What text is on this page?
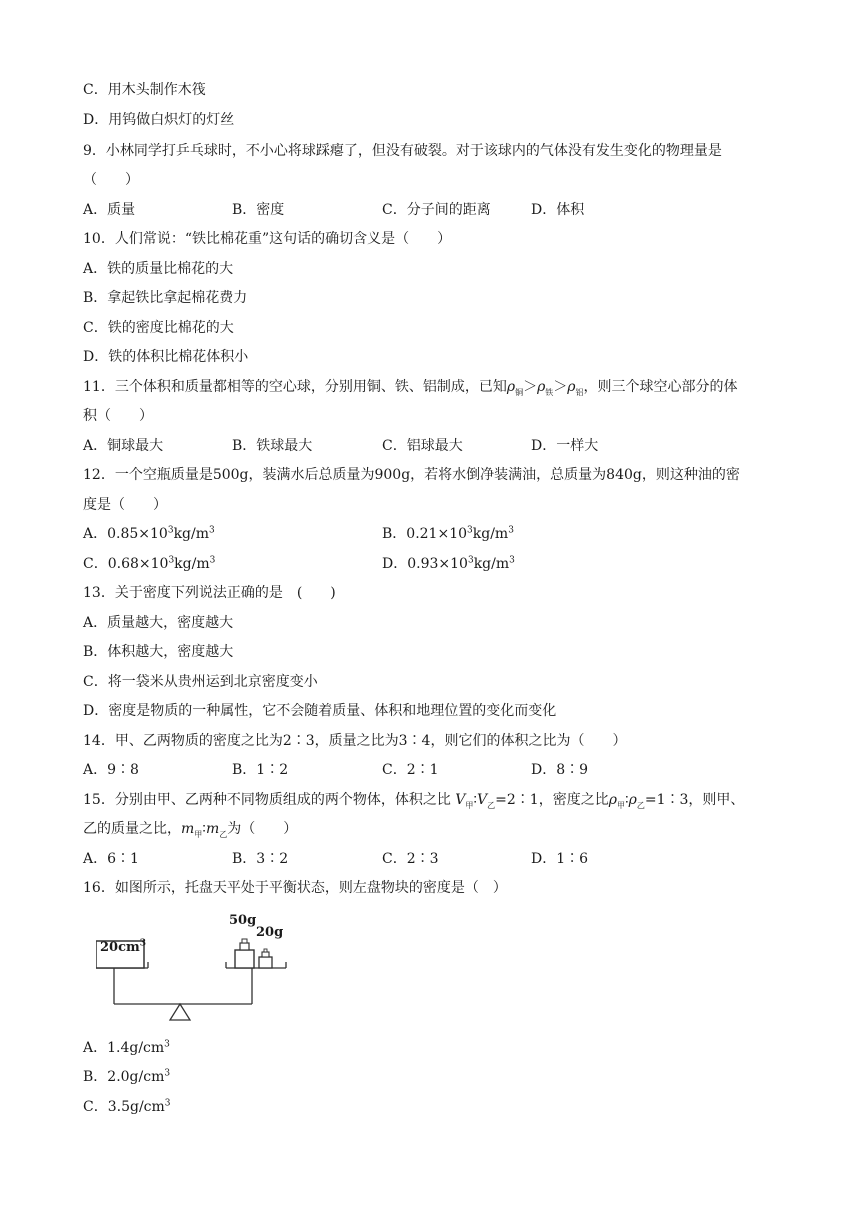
C．用木头制作木筏
D．用钨做白炽灯的灯丝
9．小林同学打乒乓球时，不小心将球踩瘪了，但没有破裂。对于该球内的气体没有发生变化的物理量是
（　　）
A．质量	B．密度	C．分子间的距离	D．体积
10．人们常说：“铁比棉花重”这句话的确切含义是（　　）
A．铁的质量比棉花的大
B．拿起铁比拿起棉花费力
C．铁的密度比棉花的大
D．铁的体积比棉花体积小
11．三个体积和质量都相等的空心球，分别用铜、铁、铝制成，已知$\rho_铜>\rho_铁>\rho_铝$，则三个球空心部分的体
积（　　）
A．铜球最大	B．铁球最大	C．铝球最大	D．一样大
12．一个空瓶质量是500g，装满水后总质量为900g，若将水倒净装满油，总质量为840g，则这种油的密
度是（　　）
A．$0.85\times 10^3kg/m^3$	B．$0.21\times 10^3kg/m^3$
C．$0.68\times 10^3kg/m^3$	D．$0.93\times 10^3kg/m^3$
13．关于密度下列说法正确的是　(　　)
A．质量越大，密度越大
B．体积越大，密度越大
C．将一袋米从贵州运到北京密度变小
D．密度是物质的一种属性，它不会随着质量、体积和地理位置的变化而变化
14．甲、乙两物质的密度之比为2∶3，质量之比为3∶4，则它们的体积之比为（　　）
A．9∶8	B．1∶2	C．2∶1	D．8∶9
15．分别由甲、乙两种不同物质组成的两个物体，体积之比 $V_甲∶V_乙=2∶1$，密度之比$\rho_甲∶\rho_乙=1∶3$，则甲、
乙的质量之比，$m_甲∶m_乙$为（　　）
A．6∶1	B．3∶2	C．2∶3	D．1∶6
16．如图所示，托盘天平处于平衡状态，则左盘物块的密度是（　）
$20cm^3$
50g
20g
A．$1.4g/cm^3$
B．$2.0g/cm^3$
C．$3.5g/cm^3$
